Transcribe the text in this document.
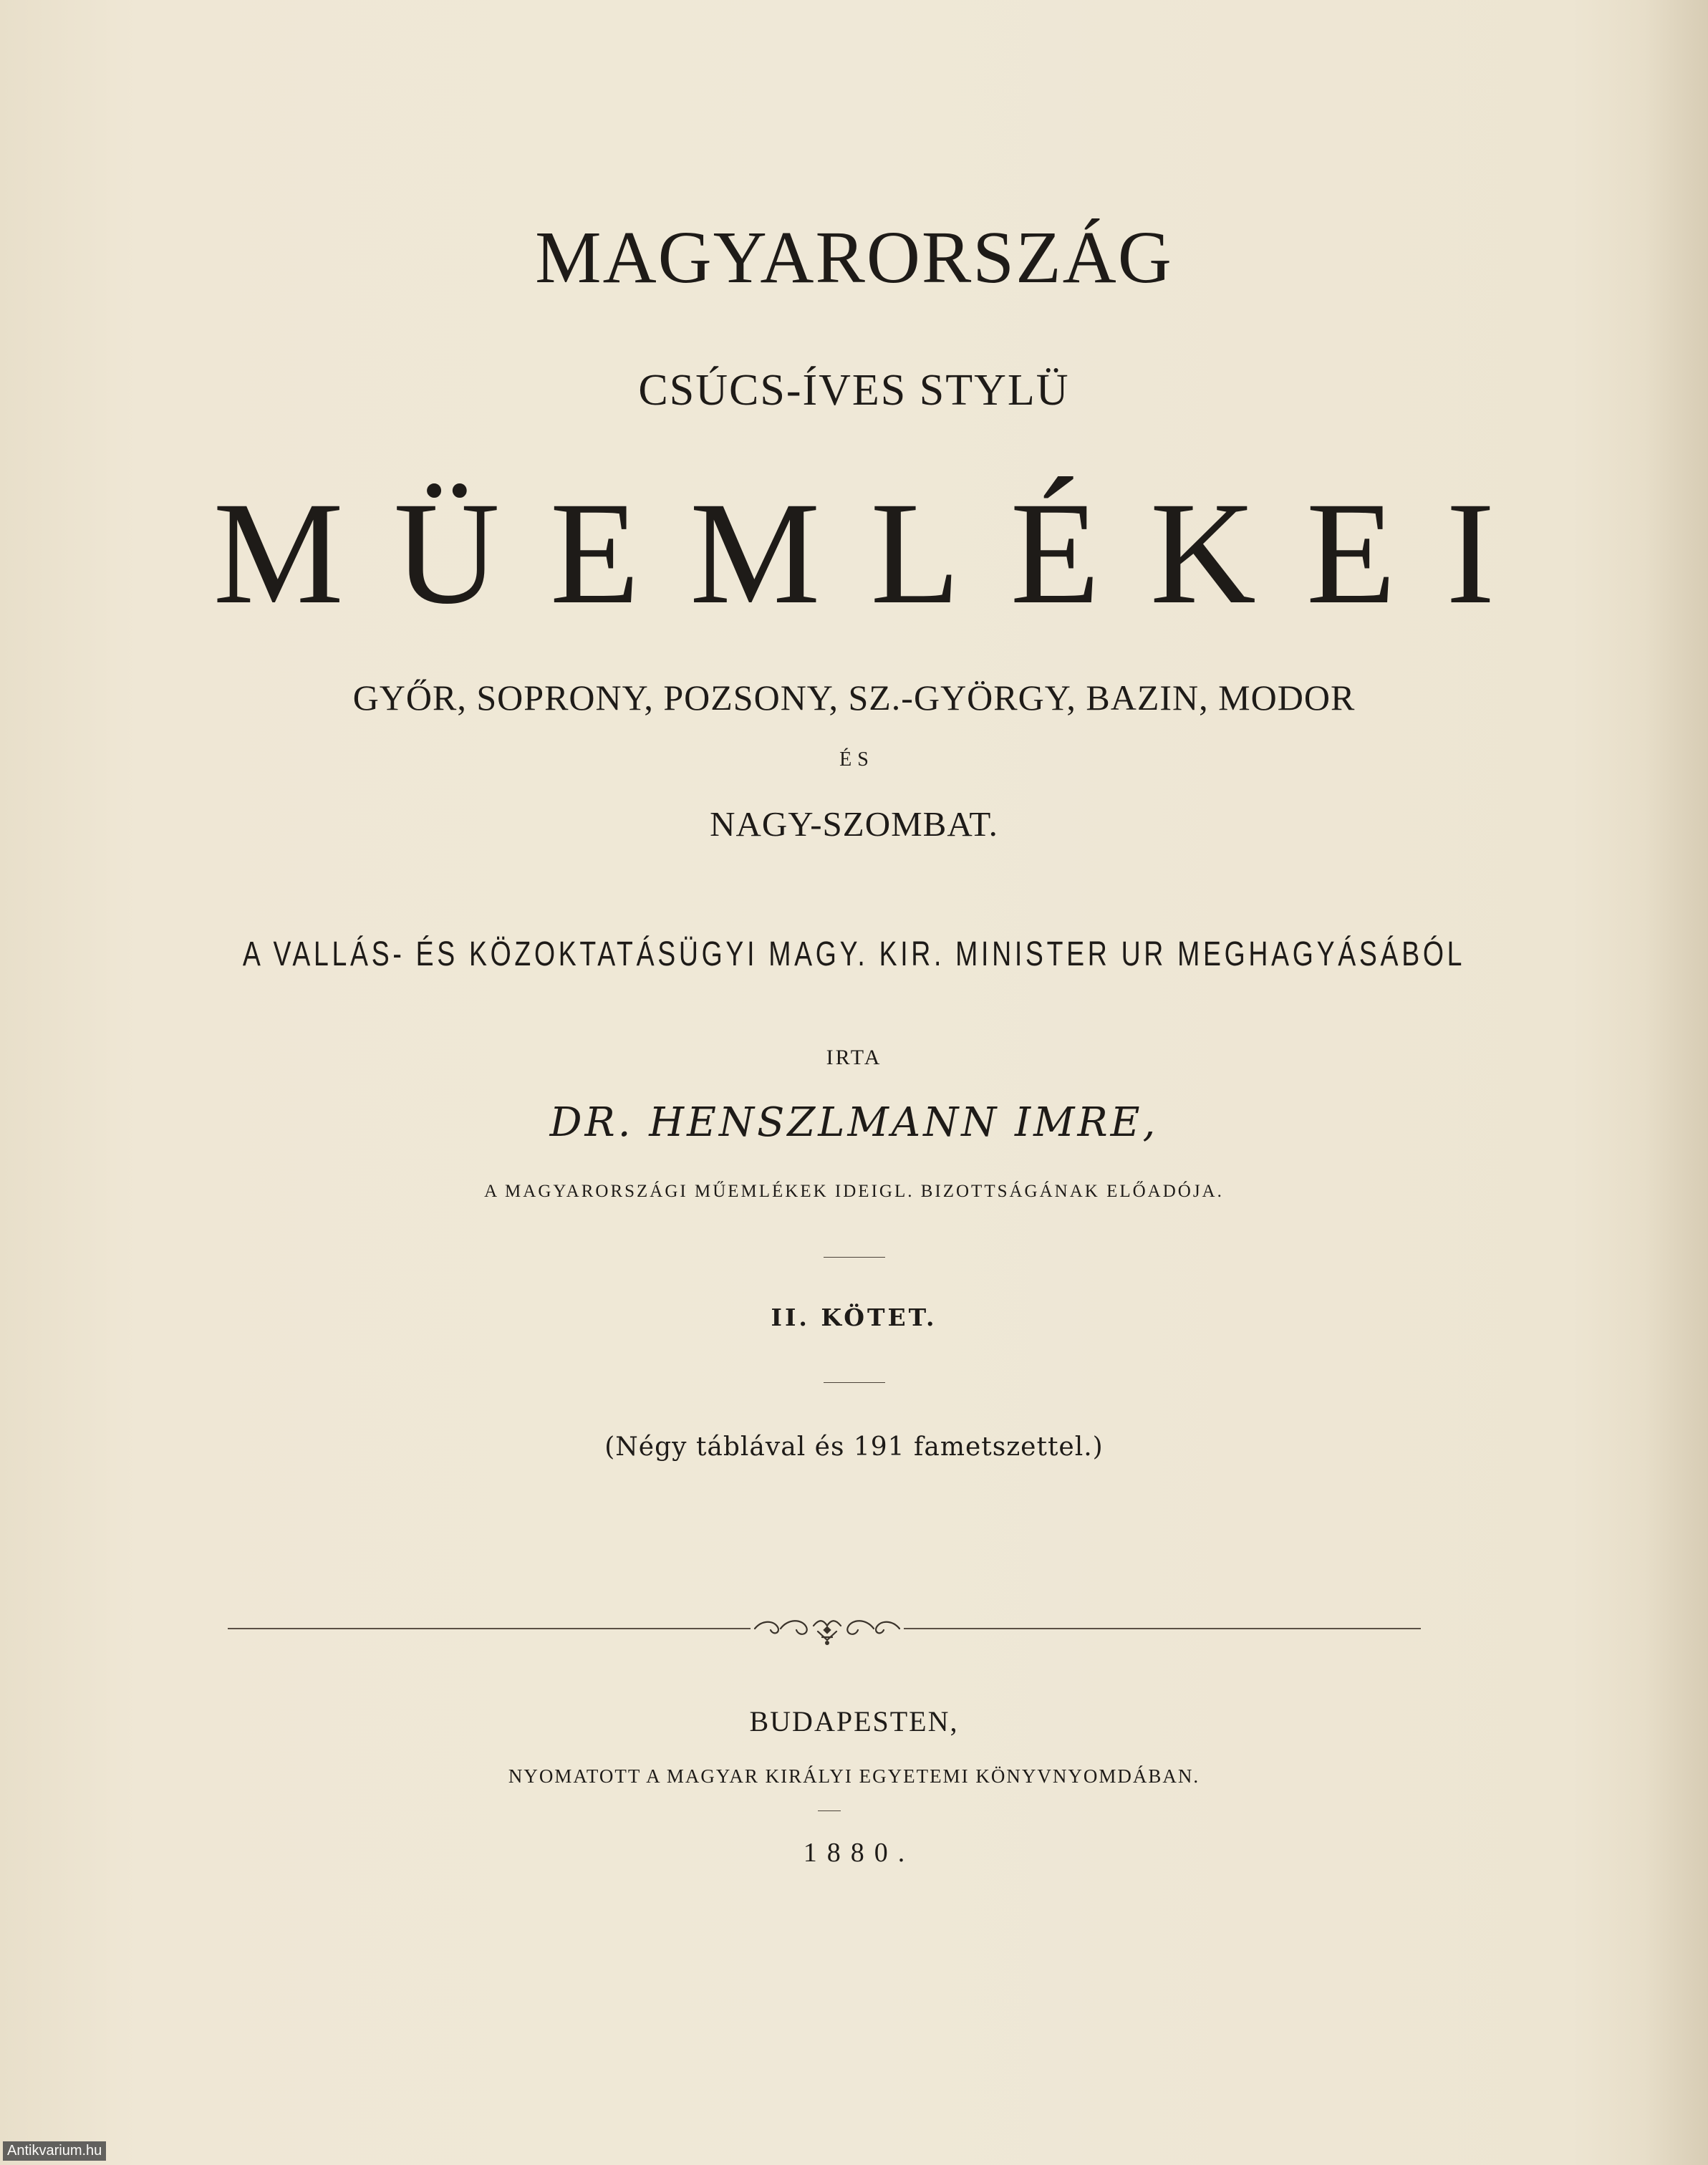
MAGYARORSZÁG
CSÚCS-ÍVES STYLÜ
MÜEMLÉKEI
GYŐR, SOPRONY, POZSONY, SZ.-GYÖRGY, BAZIN, MODOR
ÉS
NAGY-SZOMBAT.
A VALLÁS- ÉS KÖZOKTATÁSÜGYI MAGY. KIR. MINISTER UR MEGHAGYÁSÁBÓL
IRTA
DR. HENSZLMANN IMRE,
A MAGYARORSZÁGI MŰEMLÉKEK IDEIGL. BIZOTTSÁGÁNAK ELŐADÓJA.
II. KÖTET.
(Négy táblával és 191 fametszettel.)
BUDAPESTEN,
NYOMATOTT A MAGYAR KIRÁLYI EGYETEMI KÖNYVNYOMDÁBAN.
1880.
Antikvarium.hu
